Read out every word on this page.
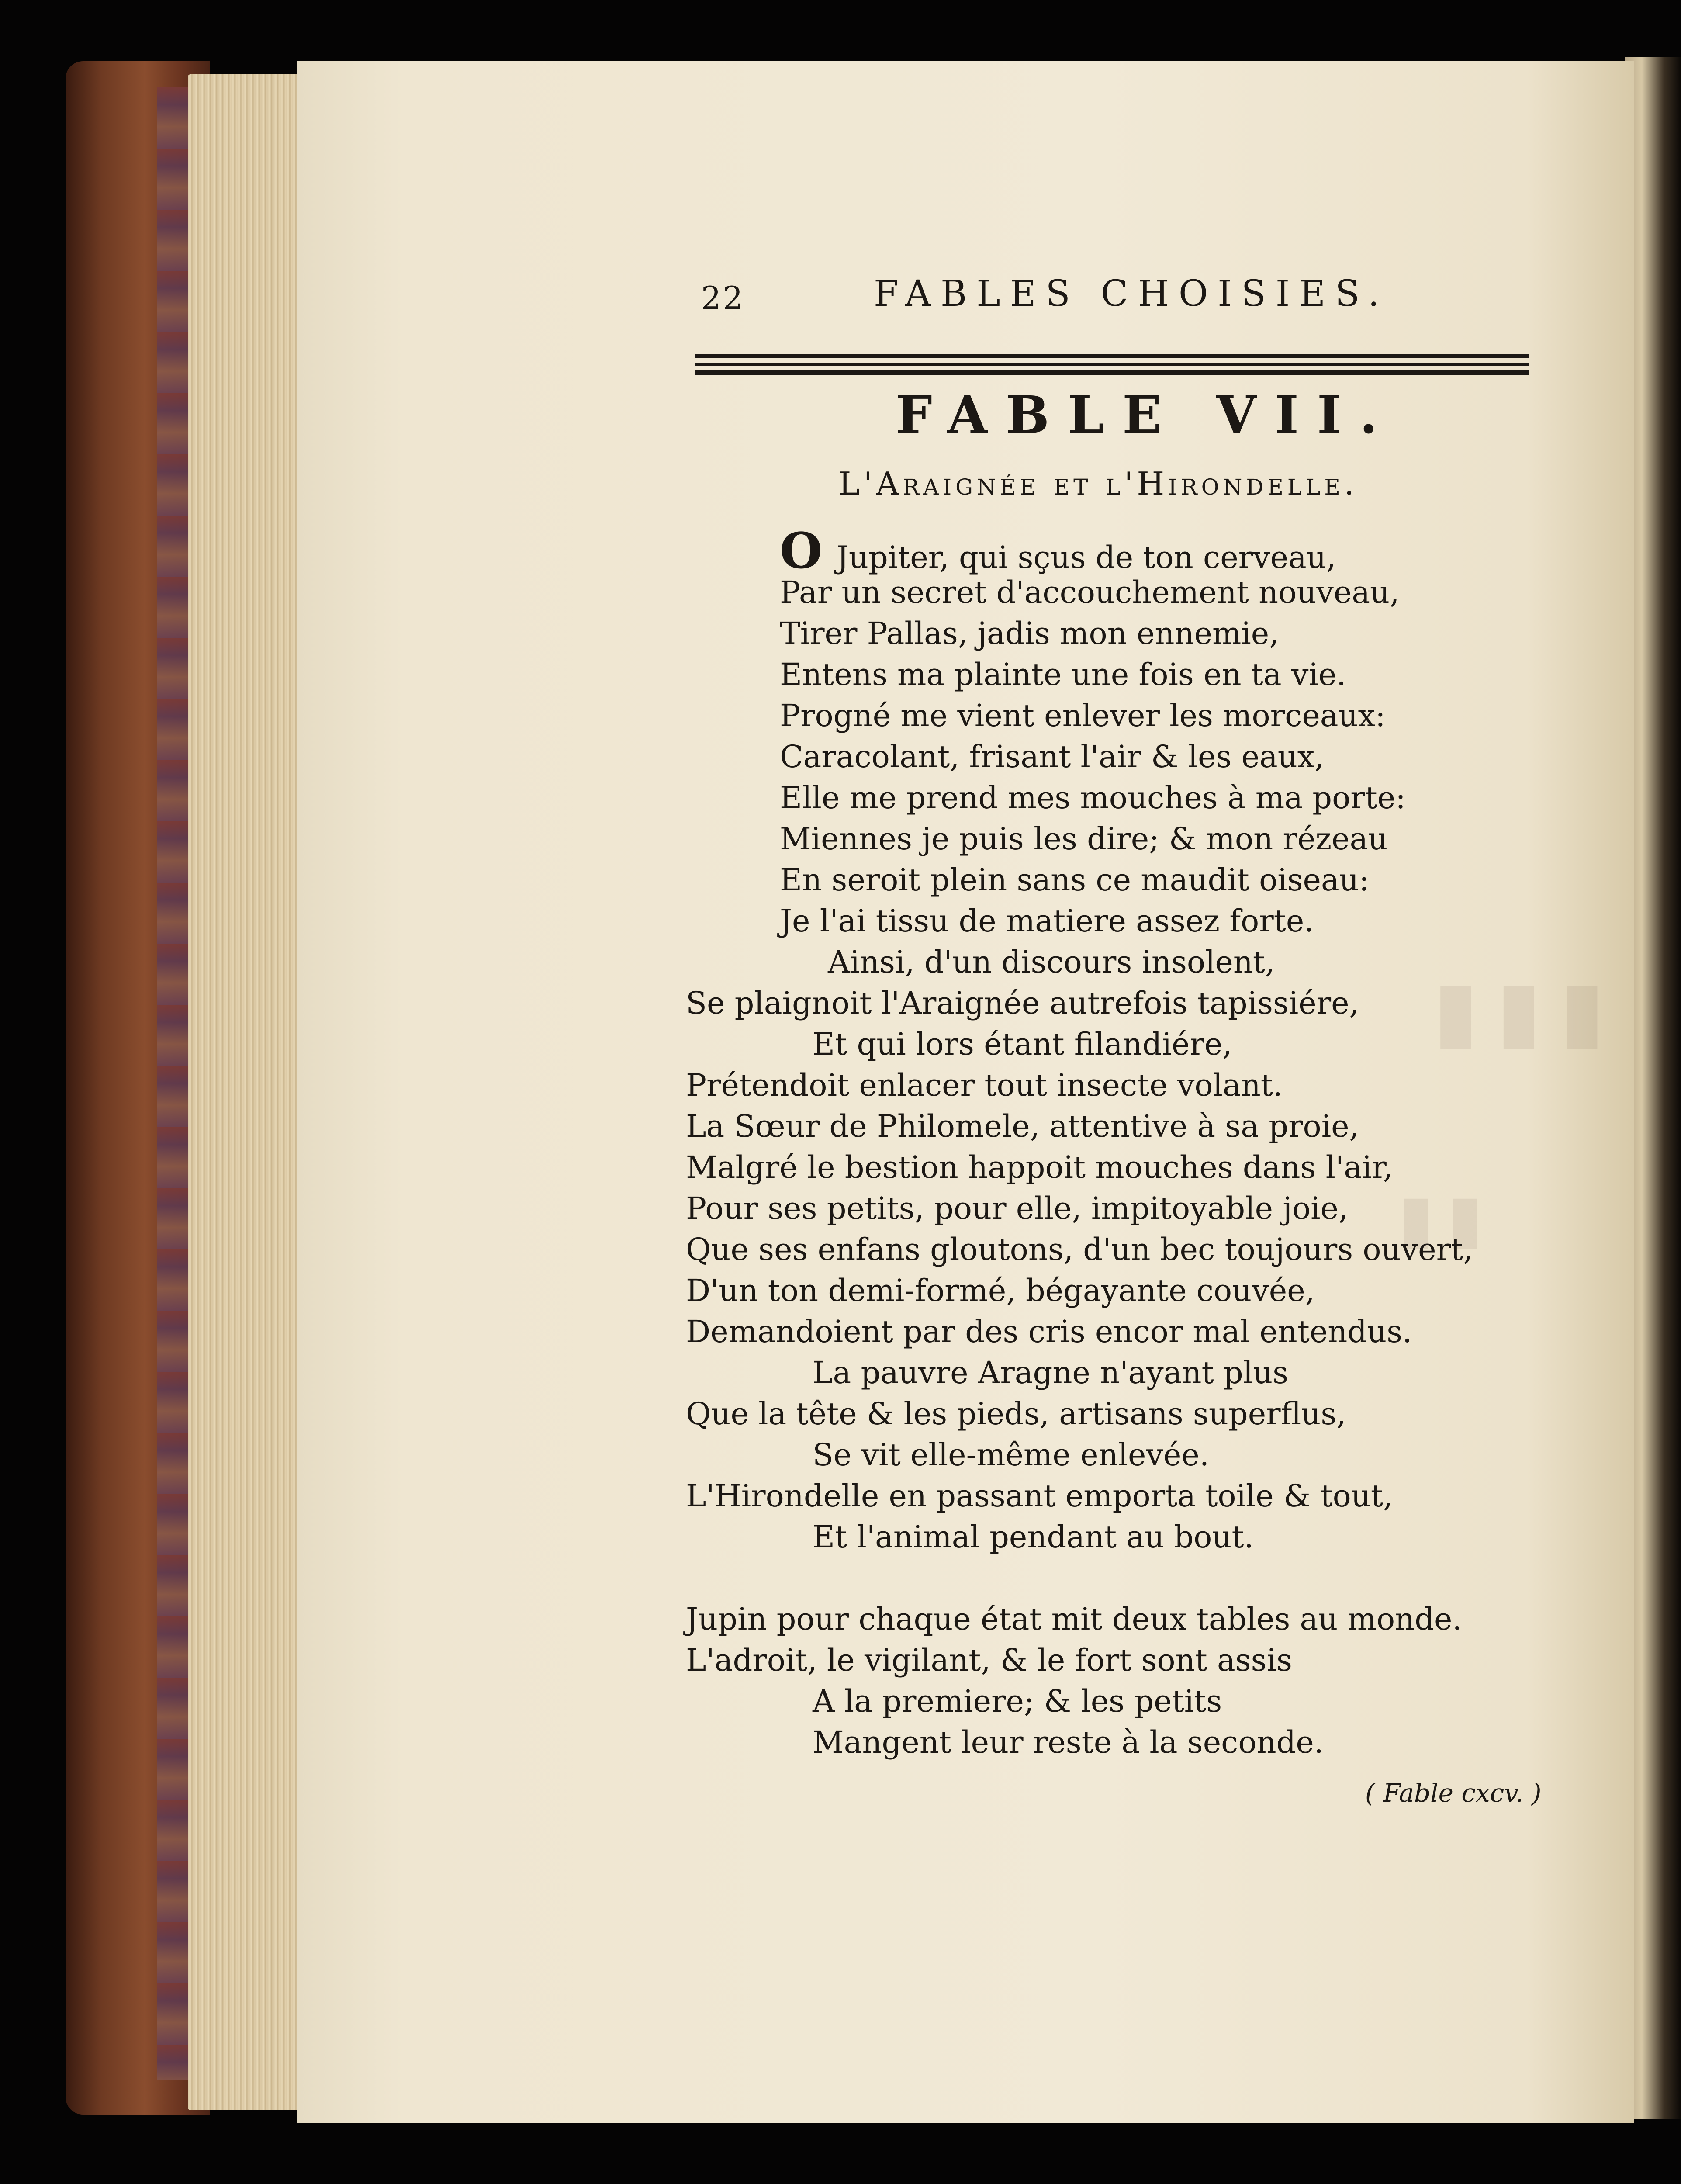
▮▮▮
▮▮
22	FABLES CHOISIES.
FABLE VII.
L'Araignée et l'Hirondelle.
O Jupiter, qui sçus de ton cerveau,
Par un secret d'accouchement nouveau,
Tirer Pallas, jadis mon ennemie,
Entens ma plainte une fois en ta vie.
Progné me vient enlever les morceaux:
Caracolant, frisant l'air & les eaux,
Elle me prend mes mouches à ma porte:
Miennes je puis les dire; & mon rézeau
En seroit plein sans ce maudit oiseau:
Je l'ai tissu de matiere assez forte.
Ainsi, d'un discours insolent,
Se plaignoit l'Araignée autrefois tapissiére,
Et qui lors étant filandiére,
Prétendoit enlacer tout insecte volant.
La Sœur de Philomele, attentive à sa proie,
Malgré le bestion happoit mouches dans l'air,
Pour ses petits, pour elle, impitoyable joie,
Que ses enfans gloutons, d'un bec toujours ouvert,
D'un ton demi-formé, bégayante couvée,
Demandoient par des cris encor mal entendus.
La pauvre Aragne n'ayant plus
Que la tête & les pieds, artisans superflus,
Se vit elle-même enlevée.
L'Hirondelle en passant emporta toile & tout,
Et l'animal pendant au bout.
Jupin pour chaque état mit deux tables au monde.
L'adroit, le vigilant, & le fort sont assis
A la premiere; & les petits
Mangent leur reste à la seconde.
( Fable cxcv. )
